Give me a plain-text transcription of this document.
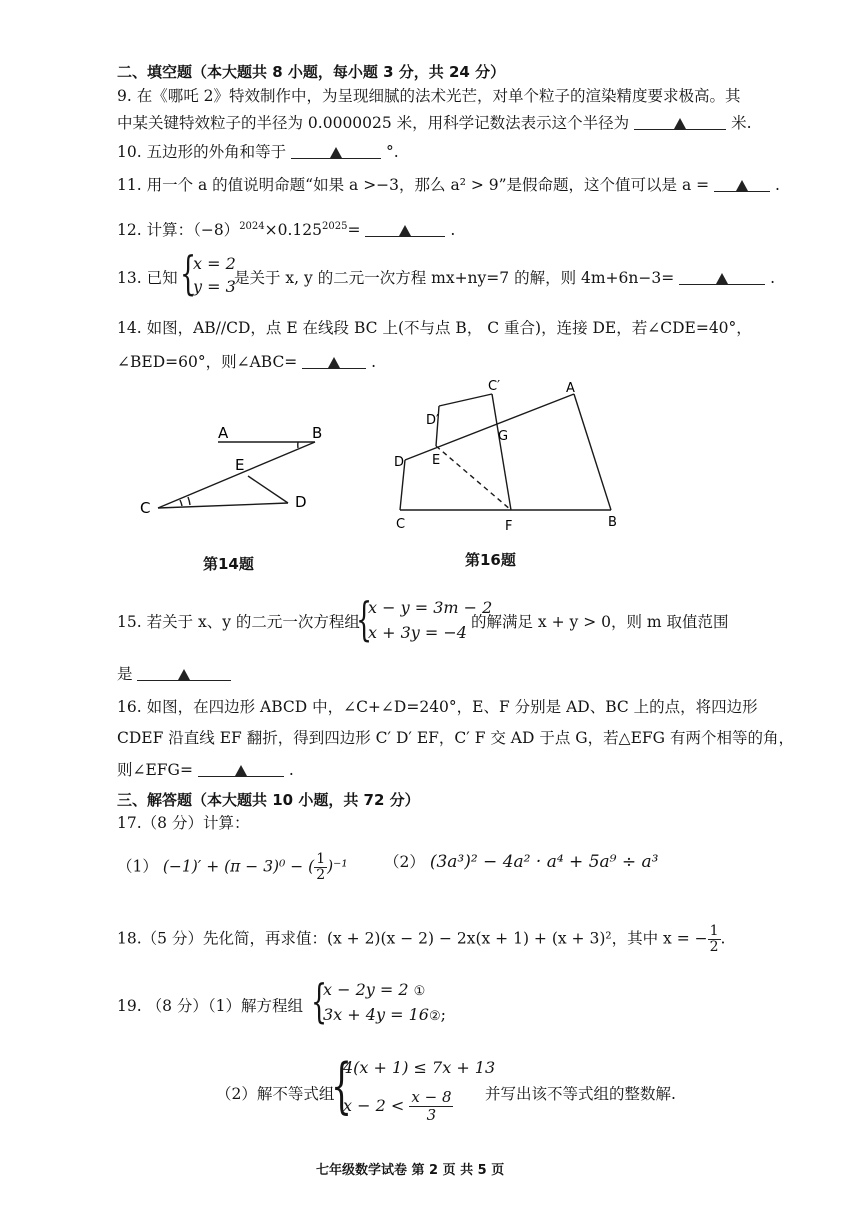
二、填空题（本大题共 8 小题，每小题 3 分，共 24 分）
9. 在《哪吒 2》特效制作中，为呈现细腻的法术光芒，对单个粒子的渲染精度要求极高。其
中某关键特效粒子的半径为 0.0000025 米，用科学记数法表示这个半径为	米.
10. 五边形的外角和等于	°.
11. 用一个 a 的值说明命题“如果 a >−3，那么 a² > 9”是假命题，这个值可以是 a =	.
12. 计算：$(-8)^{2024}\times 0.125^{2025}=$	.
13. 已知 {
x = 2
y = 3
是关于 x, y 的二元一次方程 mx+ny=7 的解，则 4m+6n−3=	.
14. 如图，AB//CD，点 E 在线段 BC 上(不与点 B， C 重合)，连接 DE，若∠CDE=40°，
∠BED=60°，则∠ABC=	.
A	B
C	D
E
第14题
A
B
C
D E
F
G
C′
D′
第16题
15. 若关于 x、y 的二元一次方程组
{
x − y = 3m − 2
x + 3y = −4
的解满足 x + y > 0，则 m 取值范围
是
16. 如图，在四边形 ABCD 中，∠C+∠D=240°，E、F 分别是 AD、BC 上的点，将四边形
CDEF 沿直线 EF 翻折，得到四边形 C′ D′ EF，C′ F 交 AD 于点 G，若△EFG 有两个相等的角，
则∠EFG=	.
三、解答题（本大题共 10 小题，共 72 分）
17.（8 分）计算：
（1） (−1)′ + (π − 3)⁰ − ( $\frac{1}{2} )^{-1}$ （2） (3a³)² − 4a² · a⁴ + 5a⁹ ÷ a³
18.（5 分）先化简，再求值：(x + 2)(x − 2) − 2x(x + 1) + (x + 3)²，其中 x = − $\frac{1}{2}$ .
19. （8 分）（1）解方程组 {
x − 2y = 2 ①
3x + 4y = 16②;
（2）解不等式组
{
4(x + 1) ≤ 7x + 13
$x - 2 < \frac{x - 8}{3}$ 并写出该不等式组的整数解.
七年级数学试卷 第 2 页 共 5 页
